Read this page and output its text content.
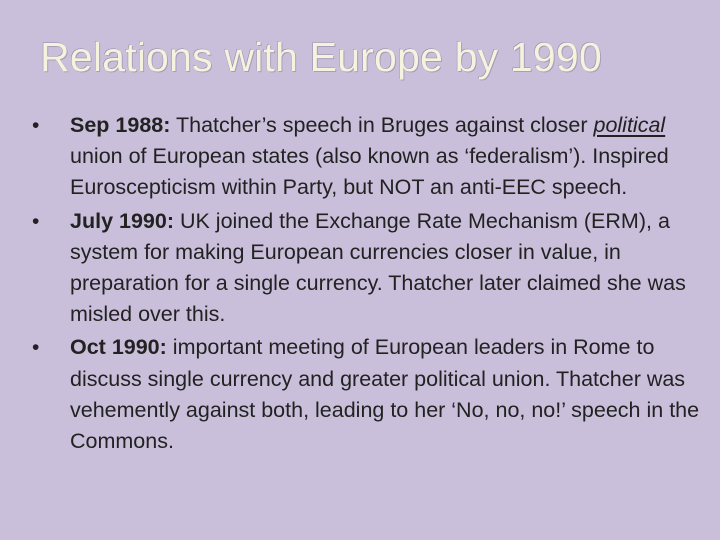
Relations with Europe by 1990
•	Sep 1988: Thatcher’s speech in Bruges against closer political union of European states (also known as ‘federalism’). Inspired Euroscepticism within Party, but NOT an anti-EEC speech.
•	July 1990: UK joined the Exchange Rate Mechanism (ERM), a system for making European currencies closer in value, in preparation for a single currency. Thatcher later claimed she was misled over this.
•	Oct 1990: important meeting of European leaders in Rome to discuss single currency and greater political union. Thatcher was vehemently against both, leading to her ‘No, no, no!’ speech in the Commons.
